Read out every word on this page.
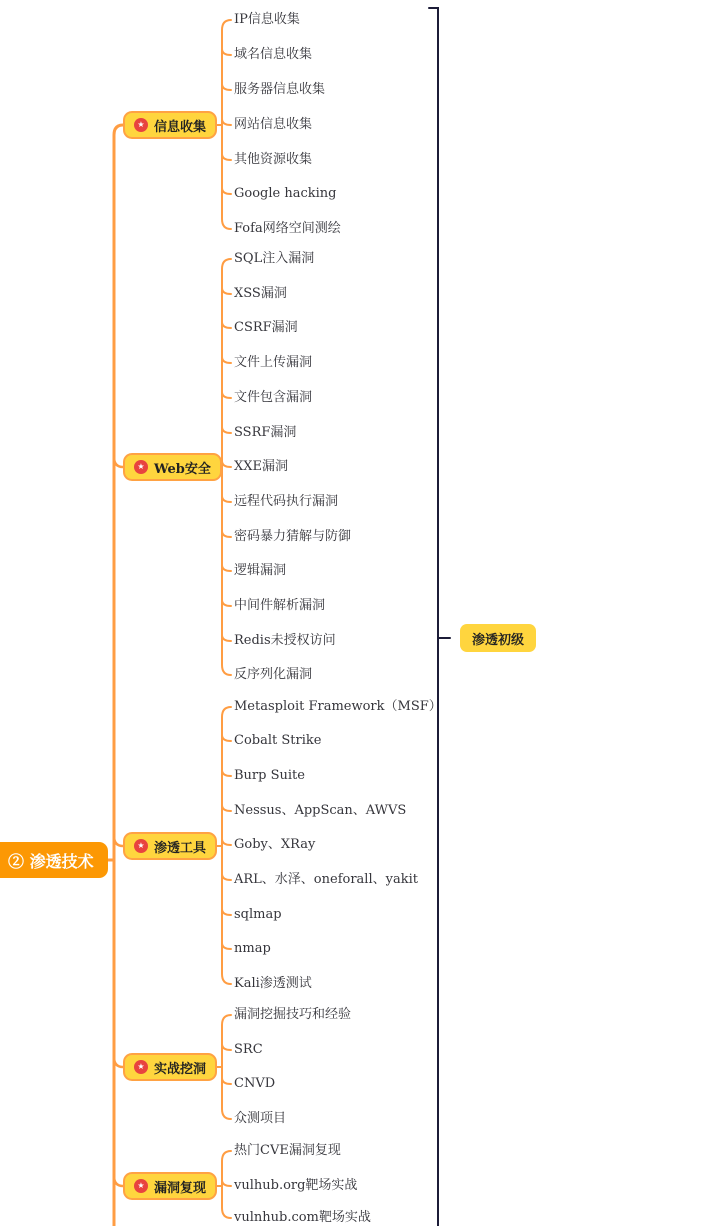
② 渗透技术
★ 信息收集
★ Web安全
★ 渗透工具
★ 实战挖洞
★ 漏洞复现
渗透初级
IP信息收集
域名信息收集
服务器信息收集
网站信息收集
其他资源收集
Google hacking
Fofa网络空间测绘
SQL注入漏洞
XSS漏洞
CSRF漏洞
文件上传漏洞
文件包含漏洞
SSRF漏洞
XXE漏洞
远程代码执行漏洞
密码暴力猜解与防御
逻辑漏洞
中间件解析漏洞
Redis未授权访问
反序列化漏洞
Metasploit Framework（MSF）
Cobalt Strike
Burp Suite
Nessus、AppScan、AWVS
Goby、XRay
ARL、水泽、oneforall、yakit
sqlmap
nmap
Kali渗透测试
漏洞挖掘技巧和经验
SRC
CNVD
众测项目
热门CVE漏洞复现
vulhub.org靶场实战
vulnhub.com靶场实战
